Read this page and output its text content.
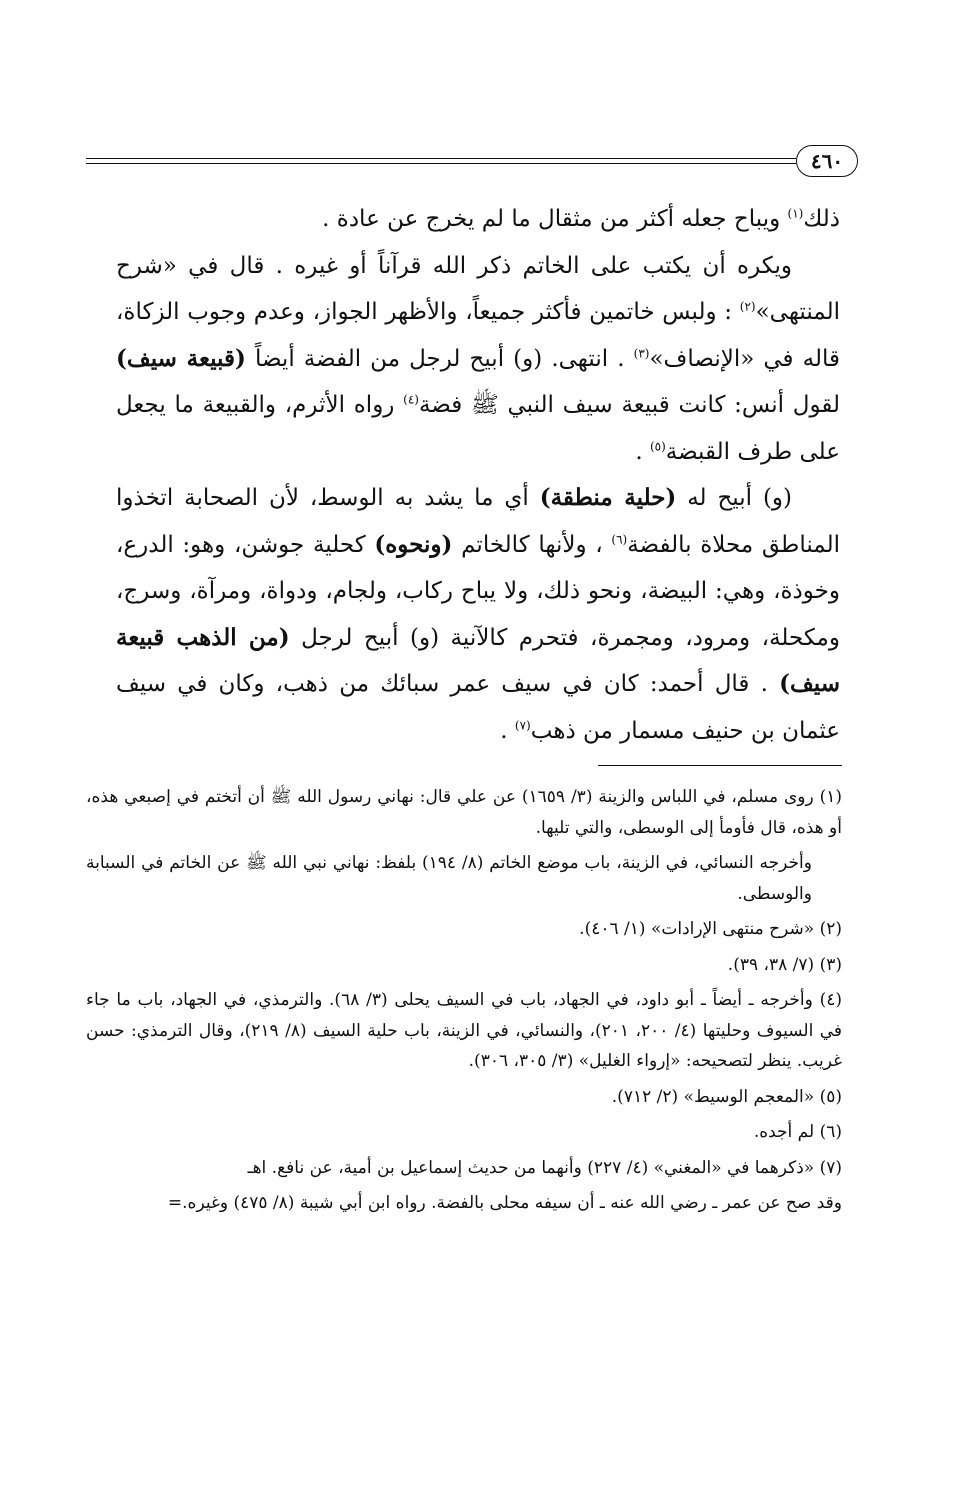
٤٦٠

ذلك$^{(١)}$ ويباح جعله أكثر من مثقال ما لم يخرج عن عادة .

ويكره أن يكتب على الخاتم ذكر الله قرآناً أو غيره . قال في «شرح المنتهى»$^{(٢)}$ : ولبس خاتمين فأكثر جميعاً، والأظهر الجواز، وعدم وجوب الزكاة، قاله في «الإنصاف»$^{(٣)}$ . انتهى. (و) أبيح لرجل من الفضة أيضاً (قبيعة سيف) لقول أنس: كانت قبيعة سيف النبي ﷺ فضة$^{(٤)}$ رواه الأثرم، والقبيعة ما يجعل على طرف القبضة$^{(٥)}$ .

(و) أبيح له (حلية منطقة) أي ما يشد به الوسط، لأن الصحابة اتخذوا المناطق محلاة بالفضة$^{(٦)}$ ، ولأنها كالخاتم (ونحوه) كحلية جوشن، وهو: الدرع، وخوذة، وهي: البيضة، ونحو ذلك، ولا يباح ركاب، ولجام، ودواة، ومرآة، وسرج، ومكحلة، ومرود، ومجمرة، فتحرم كالآنية (و) أبيح لرجل (من الذهب قبيعة سيف) . قال أحمد: كان في سيف عمر سبائك من ذهب، وكان في سيف عثمان بن حنيف مسمار من ذهب$^{(٧)}$ .

(١) روى مسلم، في اللباس والزينة (٣/ ١٦٥٩) عن علي قال: نهاني رسول الله ﷺ أن أتختم في إصبعي هذه، أو هذه، قال فأومأ إلى الوسطى، والتي تليها.

وأخرجه النسائي، في الزينة، باب موضع الخاتم (٨/ ١٩٤) بلفظ: نهاني نبي الله ﷺ عن الخاتم في السبابة والوسطى.

(٢) «شرح منتهى الإرادات» (١/ ٤٠٦).

(٣) (٧/ ٣٨، ٣٩).

(٤) وأخرجه ـ أيضاً ـ أبو داود، في الجهاد، باب في السيف يحلى (٣/ ٦٨). والترمذي، في الجهاد، باب ما جاء في السيوف وحليتها (٤/ ٢٠٠، ٢٠١)، والنسائي، في الزينة، باب حلية السيف (٨/ ٢١٩)، وقال الترمذي: حسن غريب. ينظر لتصحيحه: «إرواء الغليل» (٣/ ٣٠٥، ٣٠٦).

(٥) «المعجم الوسيط» (٢/ ٧١٢).

(٦) لم أجده.

(٧) «ذكرهما في «المغني» (٤/ ٢٢٧) وأنهما من حديث إسماعيل بن أمية، عن نافع. اهـ

وقد صح عن عمر ـ رضي الله عنه ـ أن سيفه محلى بالفضة. رواه ابن أبي شيبة (٨/ ٤٧٥) وغيره.=
